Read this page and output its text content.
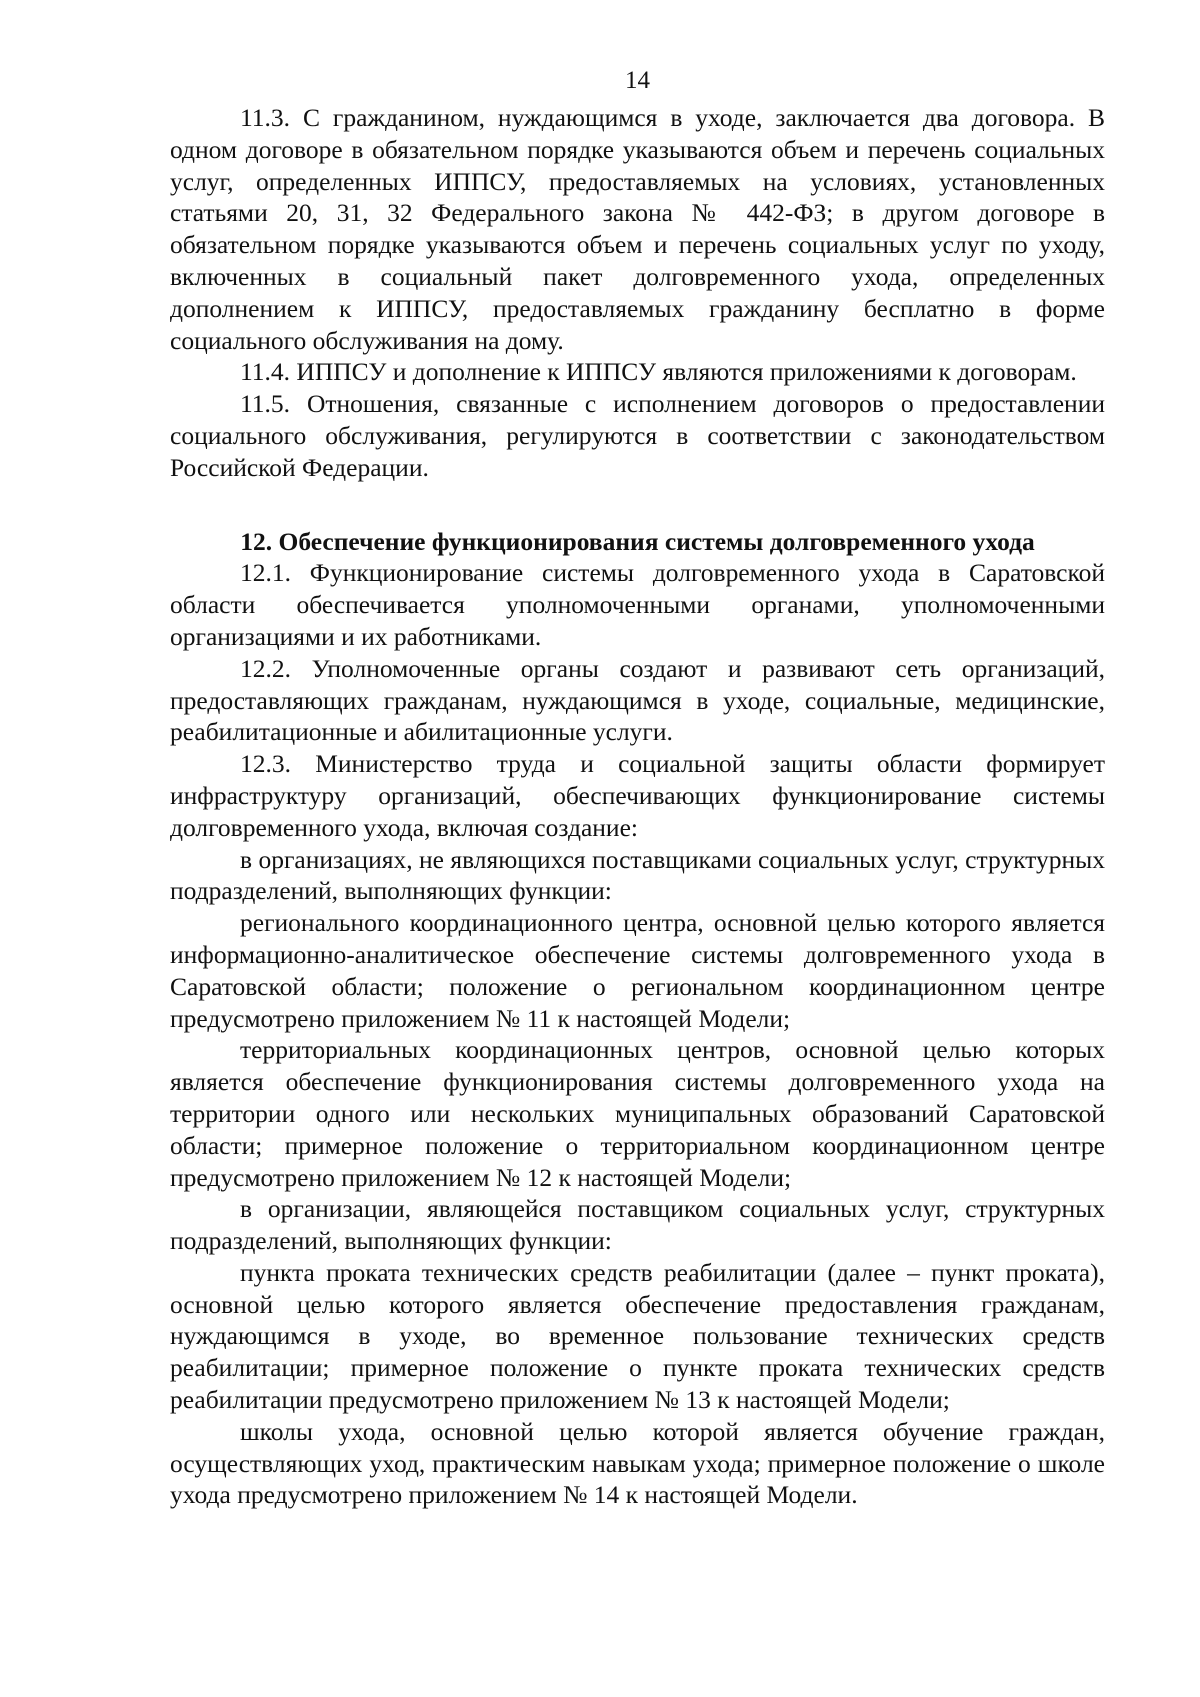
14

11.3. С гражданином, нуждающимся в уходе, заключается два договора. В одном договоре в обязательном порядке указываются объем и перечень социальных услуг, определенных ИППСУ, предоставляемых на условиях, установленных статьями 20, 31, 32 Федерального закона № 442-ФЗ; в другом договоре в обязательном порядке указываются объем и перечень социальных услуг по уходу, включенных в социальный пакет долговременного ухода, определенных дополнением к ИППСУ, предоставляемых гражданину бесплатно в форме социального обслуживания на дому.

11.4. ИППСУ и дополнение к ИППСУ являются приложениями к договорам.

11.5. Отношения, связанные с исполнением договоров о предоставлении социального обслуживания, регулируются в соответствии с законодательством Российской Федерации.

12. Обеспечение функционирования системы долговременного ухода

12.1. Функционирование системы долговременного ухода в Саратовской области обеспечивается уполномоченными органами, уполномоченными организациями и их работниками.

12.2. Уполномоченные органы создают и развивают сеть организаций, предоставляющих гражданам, нуждающимся в уходе, социальные, медицинские, реабилитационные и абилитационные услуги.

12.3. Министерство труда и социальной защиты области формирует инфраструктуру организаций, обеспечивающих функционирование системы долговременного ухода, включая создание:

в организациях, не являющихся поставщиками социальных услуг, структурных подразделений, выполняющих функции:

регионального координационного центра, основной целью которого является информационно-аналитическое обеспечение системы долговременного ухода в Саратовской области; положение о региональном координационном центре предусмотрено приложением № 11 к настоящей Модели;

территориальных координационных центров, основной целью которых является обеспечение функционирования системы долговременного ухода на территории одного или нескольких муниципальных образований Саратовской области; примерное положение о территориальном координационном центре предусмотрено приложением № 12 к настоящей Модели;

в организации, являющейся поставщиком социальных услуг, структурных подразделений, выполняющих функции:

пункта проката технических средств реабилитации (далее – пункт проката), основной целью которого является обеспечение предоставления гражданам, нуждающимся в уходе, во временное пользование технических средств реабилитации; примерное положение о пункте проката технических средств реабилитации предусмотрено приложением № 13 к настоящей Модели;

школы ухода, основной целью которой является обучение граждан, осуществляющих уход, практическим навыкам ухода; примерное положение о школе ухода предусмотрено приложением № 14 к настоящей Модели.
